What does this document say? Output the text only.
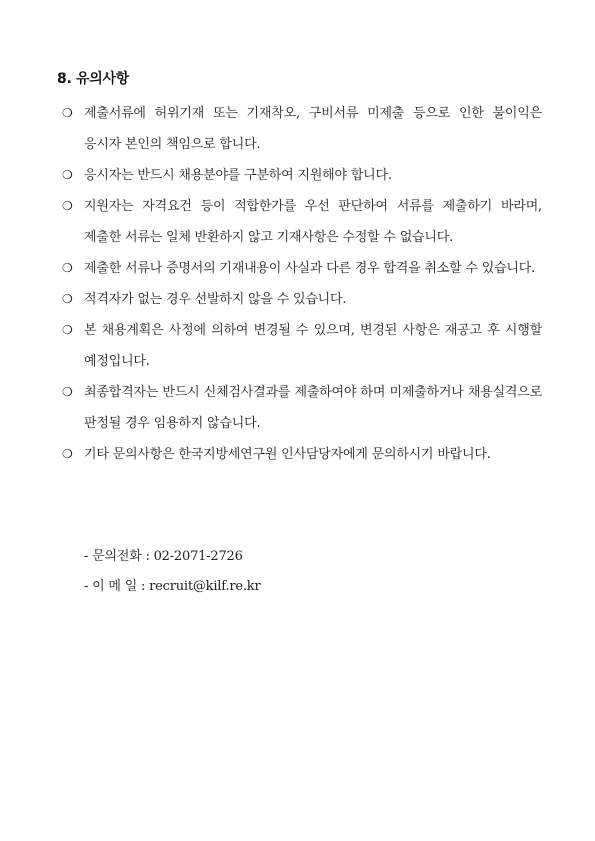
8. 유의사항
❍ 제출서류에 허위기재 또는 기재착오, 구비서류 미제출 등으로 인한 불이익은 응시자 본인의 책임으로 합니다.
❍ 응시자는 반드시 채용분야를 구분하여 지원해야 합니다.
❍ 지원자는 자격요건 등이 적합한가를 우선 판단하여 서류를 제출하기 바라며, 제출한 서류는 일체 반환하지 않고 기재사항은 수정할 수 없습니다.
❍ 제출한 서류나 증명서의 기재내용이 사실과 다른 경우 합격을 취소할 수 있습니다.
❍ 적격자가 없는 경우 선발하지 않을 수 있습니다.
❍ 본 채용계획은 사정에 의하여 변경될 수 있으며, 변경된 사항은 재공고 후 시행할 예정입니다.
❍ 최종합격자는 반드시 신체검사결과를 제출하여야 하며 미제출하거나 채용실격으로 판정될 경우 임용하지 않습니다.
❍ 기타 문의사항은 한국지방세연구원 인사담당자에게 문의하시기 바랍니다.
- 문의전화 : 02-2071-2726
- 이 메 일 : recruit@kilf.re.kr
